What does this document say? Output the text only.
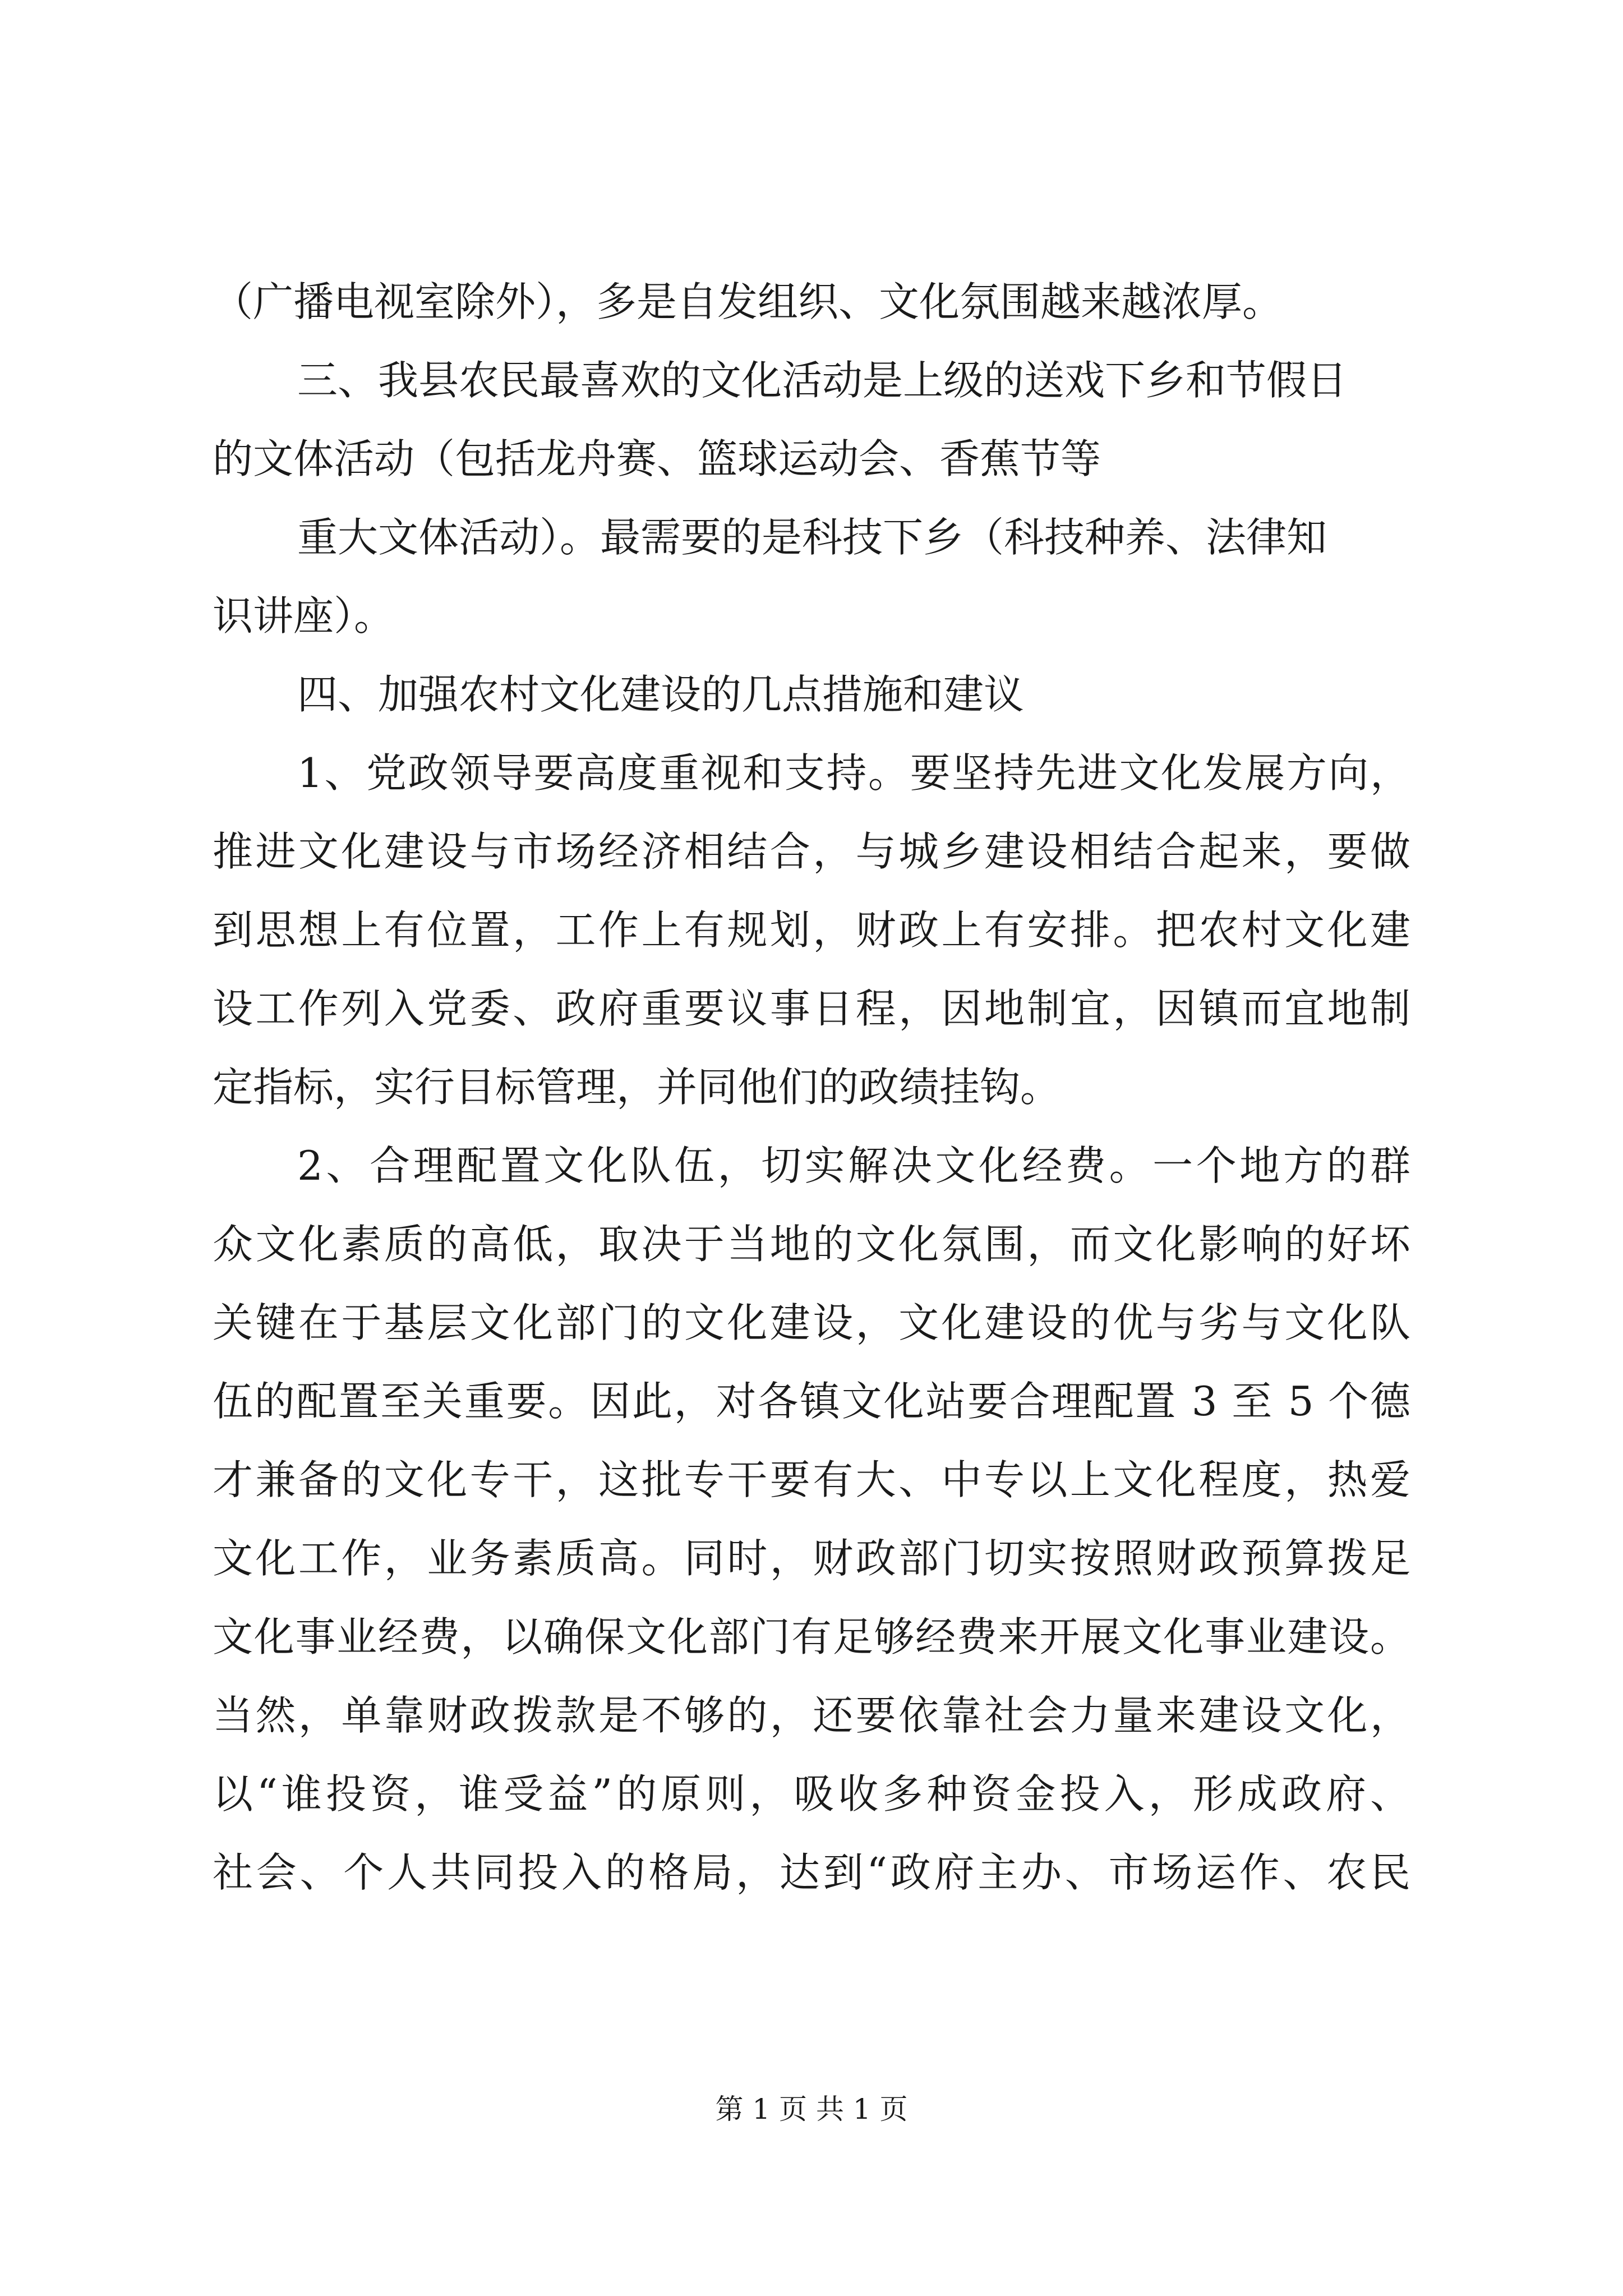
（广播电视室除外），多是自发组织、文化氛围越来越浓厚。
三、我县农民最喜欢的文化活动是上级的送戏下乡和节假日
的文体活动（包括龙舟赛、篮球运动会、香蕉节等
重大文体活动）。最需要的是科技下乡（科技种养、法律知
识讲座）。
四、加强农村文化建设的几点措施和建议
1、党政领导要高度重视和支持。要坚持先进文化发展方向，
推进文化建设与市场经济相结合，与城乡建设相结合起来，要做
到思想上有位置，工作上有规划，财政上有安排。把农村文化建
设工作列入党委、政府重要议事日程，因地制宜，因镇而宜地制
定指标，实行目标管理，并同他们的政绩挂钩。
2、合理配置文化队伍，切实解决文化经费。一个地方的群
众文化素质的高低，取决于当地的文化氛围，而文化影响的好坏
关键在于基层文化部门的文化建设，文化建设的优与劣与文化队
伍的配置至关重要。因此，对各镇文化站要合理配置 3 至 5 个德
才兼备的文化专干，这批专干要有大、中专以上文化程度，热爱
文化工作，业务素质高。同时，财政部门切实按照财政预算拨足
文化事业经费，以确保文化部门有足够经费来开展文化事业建设。
当然，单靠财政拨款是不够的，还要依靠社会力量来建设文化，
以“谁投资，谁受益”的原则，吸收多种资金投入，形成政府、
社会、个人共同投入的格局，达到“政府主办、市场运作、农民
第 1 页 共 1 页
